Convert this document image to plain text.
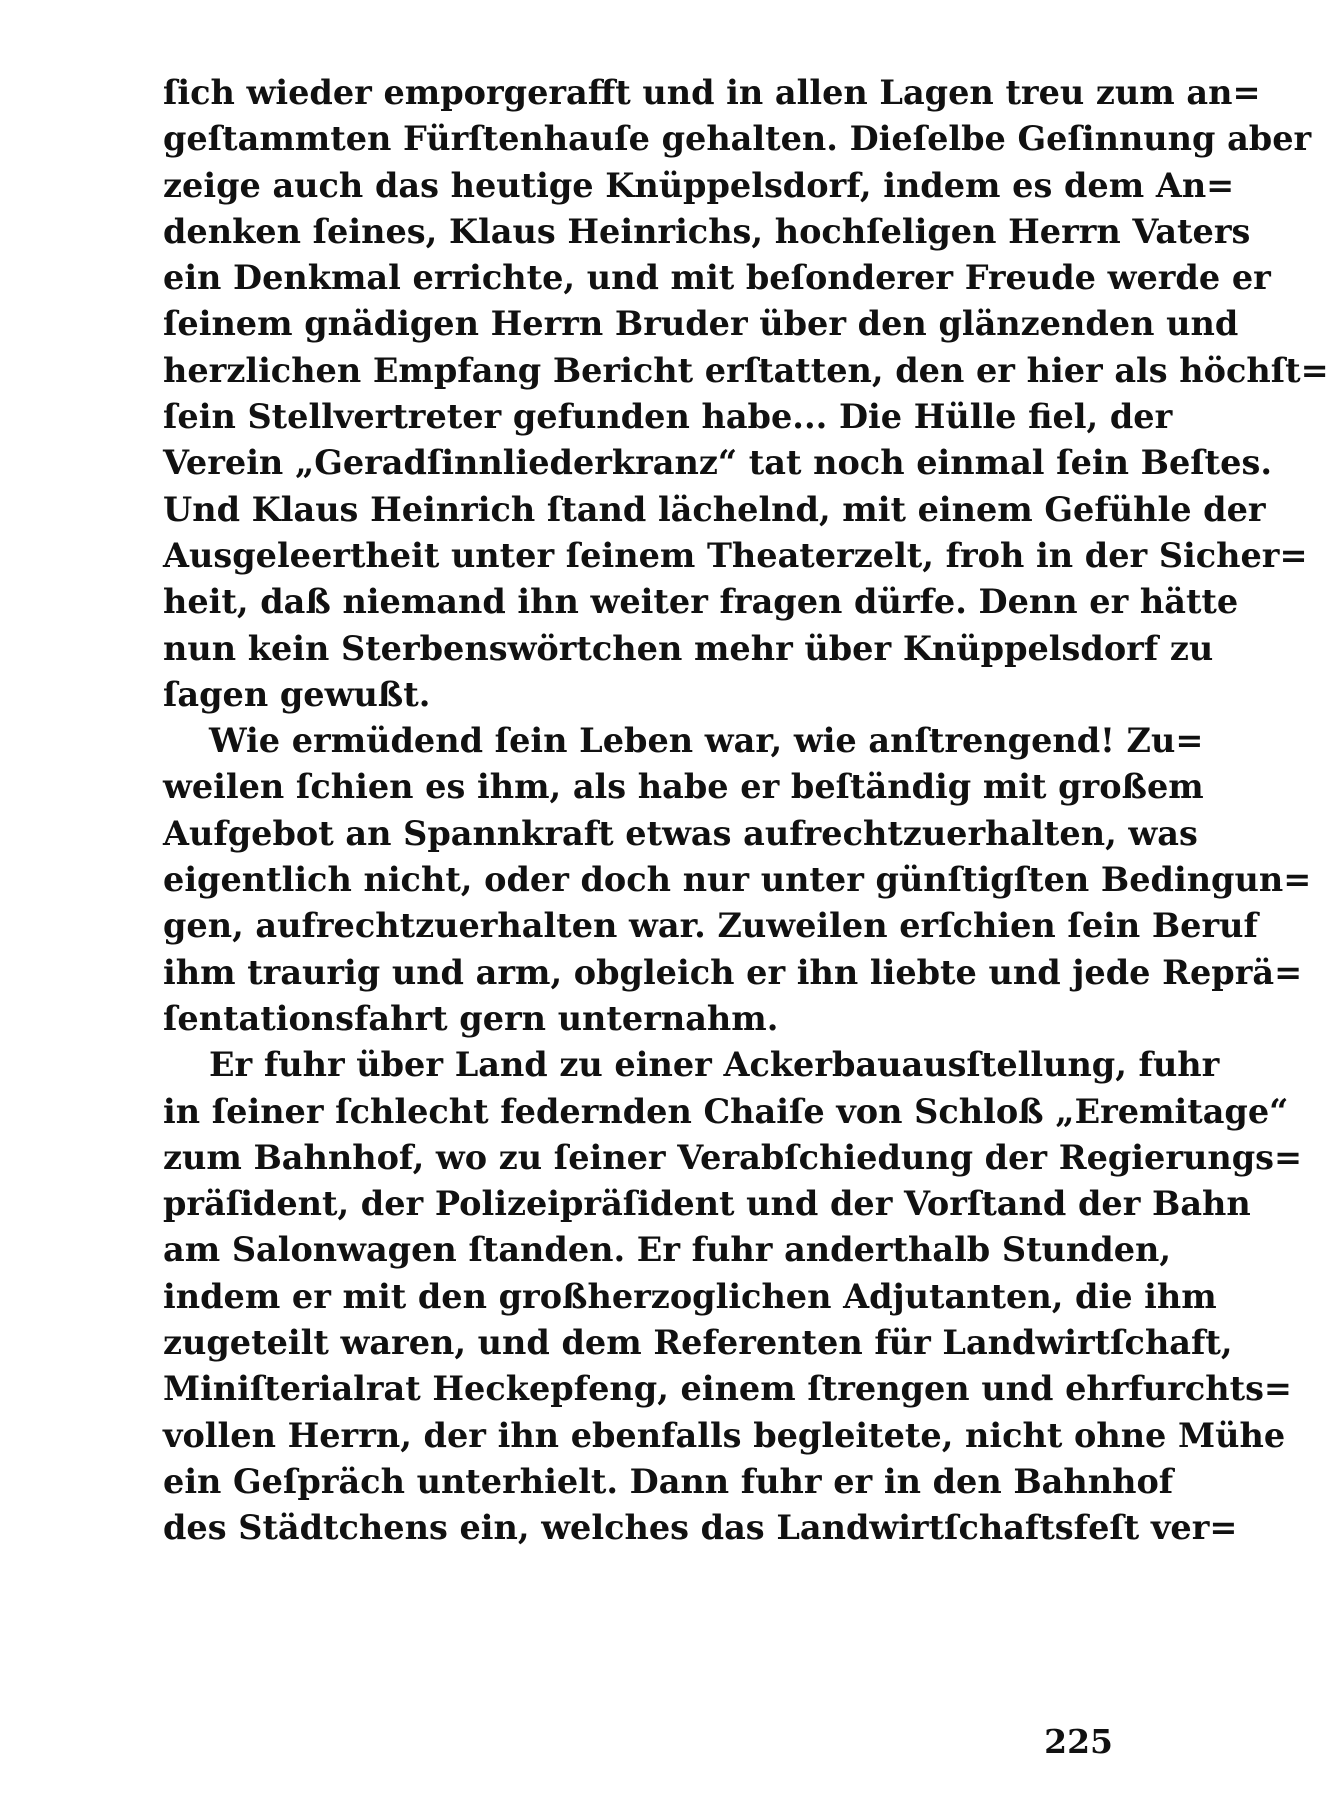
ſich wieder emporgerafft und in allen Lagen treu zum an=
geſtammten Fürſtenhauſe gehalten. Dieſelbe Geſinnung aber
zeige auch das heutige Knüppelsdorf, indem es dem An=
denken ſeines, Klaus Heinrichs, hochſeligen Herrn Vaters
ein Denkmal errichte, und mit beſonderer Freude werde er
ſeinem gnädigen Herrn Bruder über den glänzenden und
herzlichen Empfang Bericht erſtatten, den er hier als höchſt=
ſein Stellvertreter gefunden habe... Die Hülle fiel, der
Verein „Geradſinnliederkranz“ tat noch einmal ſein Beſtes.
Und Klaus Heinrich ſtand lächelnd, mit einem Gefühle der
Ausgeleertheit unter ſeinem Theaterzelt, froh in der Sicher=
heit, daß niemand ihn weiter fragen dürfe. Denn er hätte
nun kein Sterbenswörtchen mehr über Knüppelsdorf zu
ſagen gewußt.
Wie ermüdend ſein Leben war, wie anſtrengend! Zu=
weilen ſchien es ihm, als habe er beſtändig mit großem
Aufgebot an Spannkraft etwas aufrechtzuerhalten, was
eigentlich nicht, oder doch nur unter günſtigſten Bedingun=
gen, aufrechtzuerhalten war. Zuweilen erſchien ſein Beruf
ihm traurig und arm, obgleich er ihn liebte und jede Reprä=
ſentationsfahrt gern unternahm.
Er fuhr über Land zu einer Ackerbauausſtellung, fuhr
in ſeiner ſchlecht federnden Chaiſe von Schloß „Eremitage“
zum Bahnhof, wo zu ſeiner Verabſchiedung der Regierungs=
präſident, der Polizeipräſident und der Vorſtand der Bahn
am Salonwagen ſtanden. Er fuhr anderthalb Stunden,
indem er mit den großherzoglichen Adjutanten, die ihm
zugeteilt waren, und dem Referenten für Landwirtſchaft,
Miniſterialrat Heckepfeng, einem ſtrengen und ehrfurchts=
vollen Herrn, der ihn ebenfalls begleitete, nicht ohne Mühe
ein Geſpräch unterhielt. Dann fuhr er in den Bahnhof
des Städtchens ein, welches das Landwirtſchaftsfeſt ver=
225
